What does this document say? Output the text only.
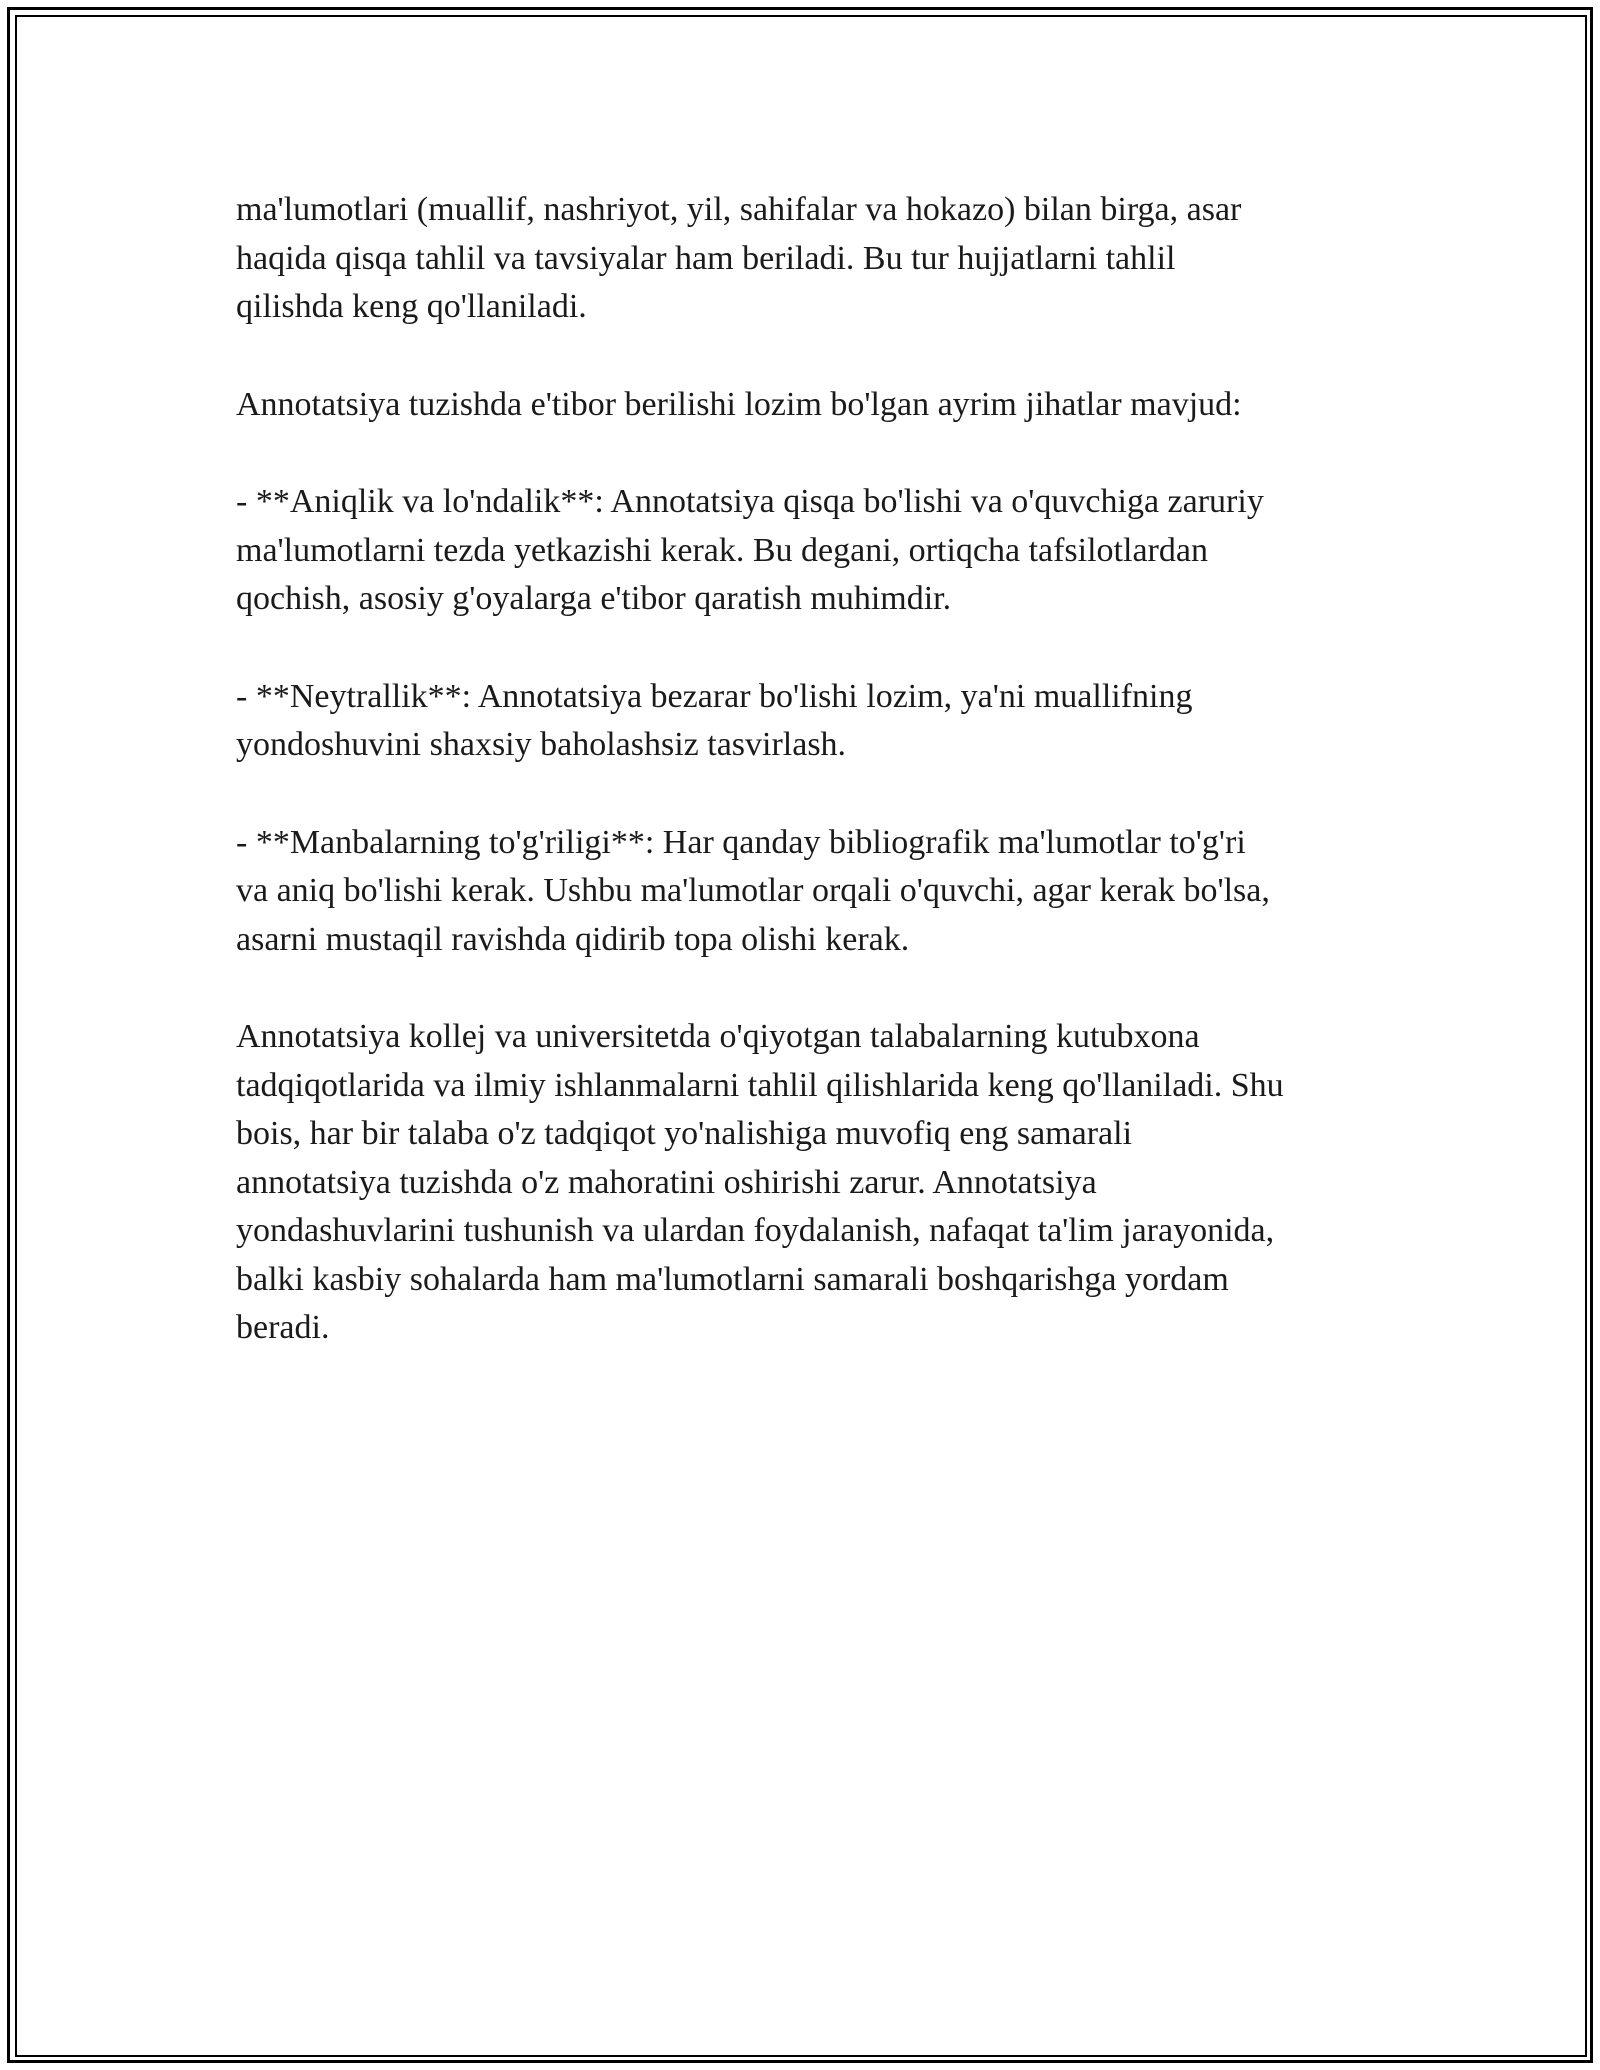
ma'lumotlari (muallif, nashriyot, yil, sahifalar va hokazo) bilan birga, asar
haqida qisqa tahlil va tavsiyalar ham beriladi. Bu tur hujjatlarni tahlil
qilishda keng qo'llaniladi.

Annotatsiya tuzishda e'tibor berilishi lozim bo'lgan ayrim jihatlar mavjud:

- **Aniqlik va lo'ndalik**: Annotatsiya qisqa bo'lishi va o'quvchiga zaruriy
ma'lumotlarni tezda yetkazishi kerak. Bu degani, ortiqcha tafsilotlardan
qochish, asosiy g'oyalarga e'tibor qaratish muhimdir.

- **Neytrallik**: Annotatsiya bezarar bo'lishi lozim, ya'ni muallifning
yondoshuvini shaxsiy baholashsiz tasvirlash.

- **Manbalarning to'g'riligi**: Har qanday bibliografik ma'lumotlar to'g'ri
va aniq bo'lishi kerak. Ushbu ma'lumotlar orqali o'quvchi, agar kerak bo'lsa,
asarni mustaqil ravishda qidirib topa olishi kerak.

Annotatsiya kollej va universitetda o'qiyotgan talabalarning kutubxona
tadqiqotlarida va ilmiy ishlanmalarni tahlil qilishlarida keng qo'llaniladi. Shu
bois, har bir talaba o'z tadqiqot yo'nalishiga muvofiq eng samarali
annotatsiya tuzishda o'z mahoratini oshirishi zarur. Annotatsiya
yondashuvlarini tushunish va ulardan foydalanish, nafaqat ta'lim jarayonida,
balki kasbiy sohalarda ham ma'lumotlarni samarali boshqarishga yordam
beradi.
